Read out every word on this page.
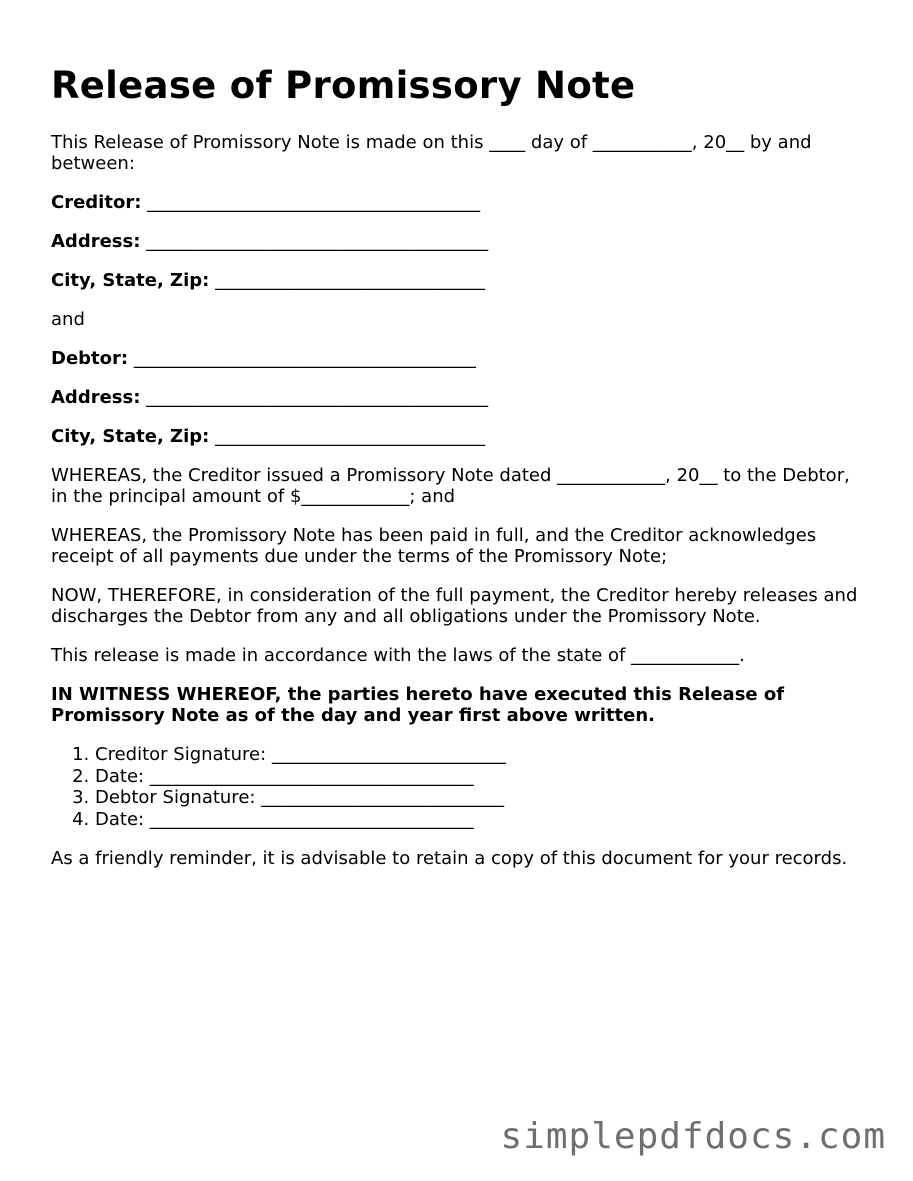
Release of Promissory Note

This Release of Promissory Note is made on this ____ day of ___________, 20__ by and between:

Creditor: _____________________________________
Address: ______________________________________
City, State, Zip: ______________________________

and

Debtor: ______________________________________
Address: ______________________________________
City, State, Zip: ______________________________

WHEREAS, the Creditor issued a Promissory Note dated ____________, 20__ to the Debtor, in the principal amount of $____________; and

WHEREAS, the Promissory Note has been paid in full, and the Creditor acknowledges receipt of all payments due under the terms of the Promissory Note;

NOW, THEREFORE, in consideration of the full payment, the Creditor hereby releases and discharges the Debtor from any and all obligations under the Promissory Note.

This release is made in accordance with the laws of the state of ____________.

IN WITNESS WHEREOF, the parties hereto have executed this Release of Promissory Note as of the day and year first above written.

1. Creditor Signature: __________________________
2. Date: ____________________________________
3. Debtor Signature: ___________________________
4. Date: ____________________________________

As a friendly reminder, it is advisable to retain a copy of this document for your records.

simplepdfdocs.com
